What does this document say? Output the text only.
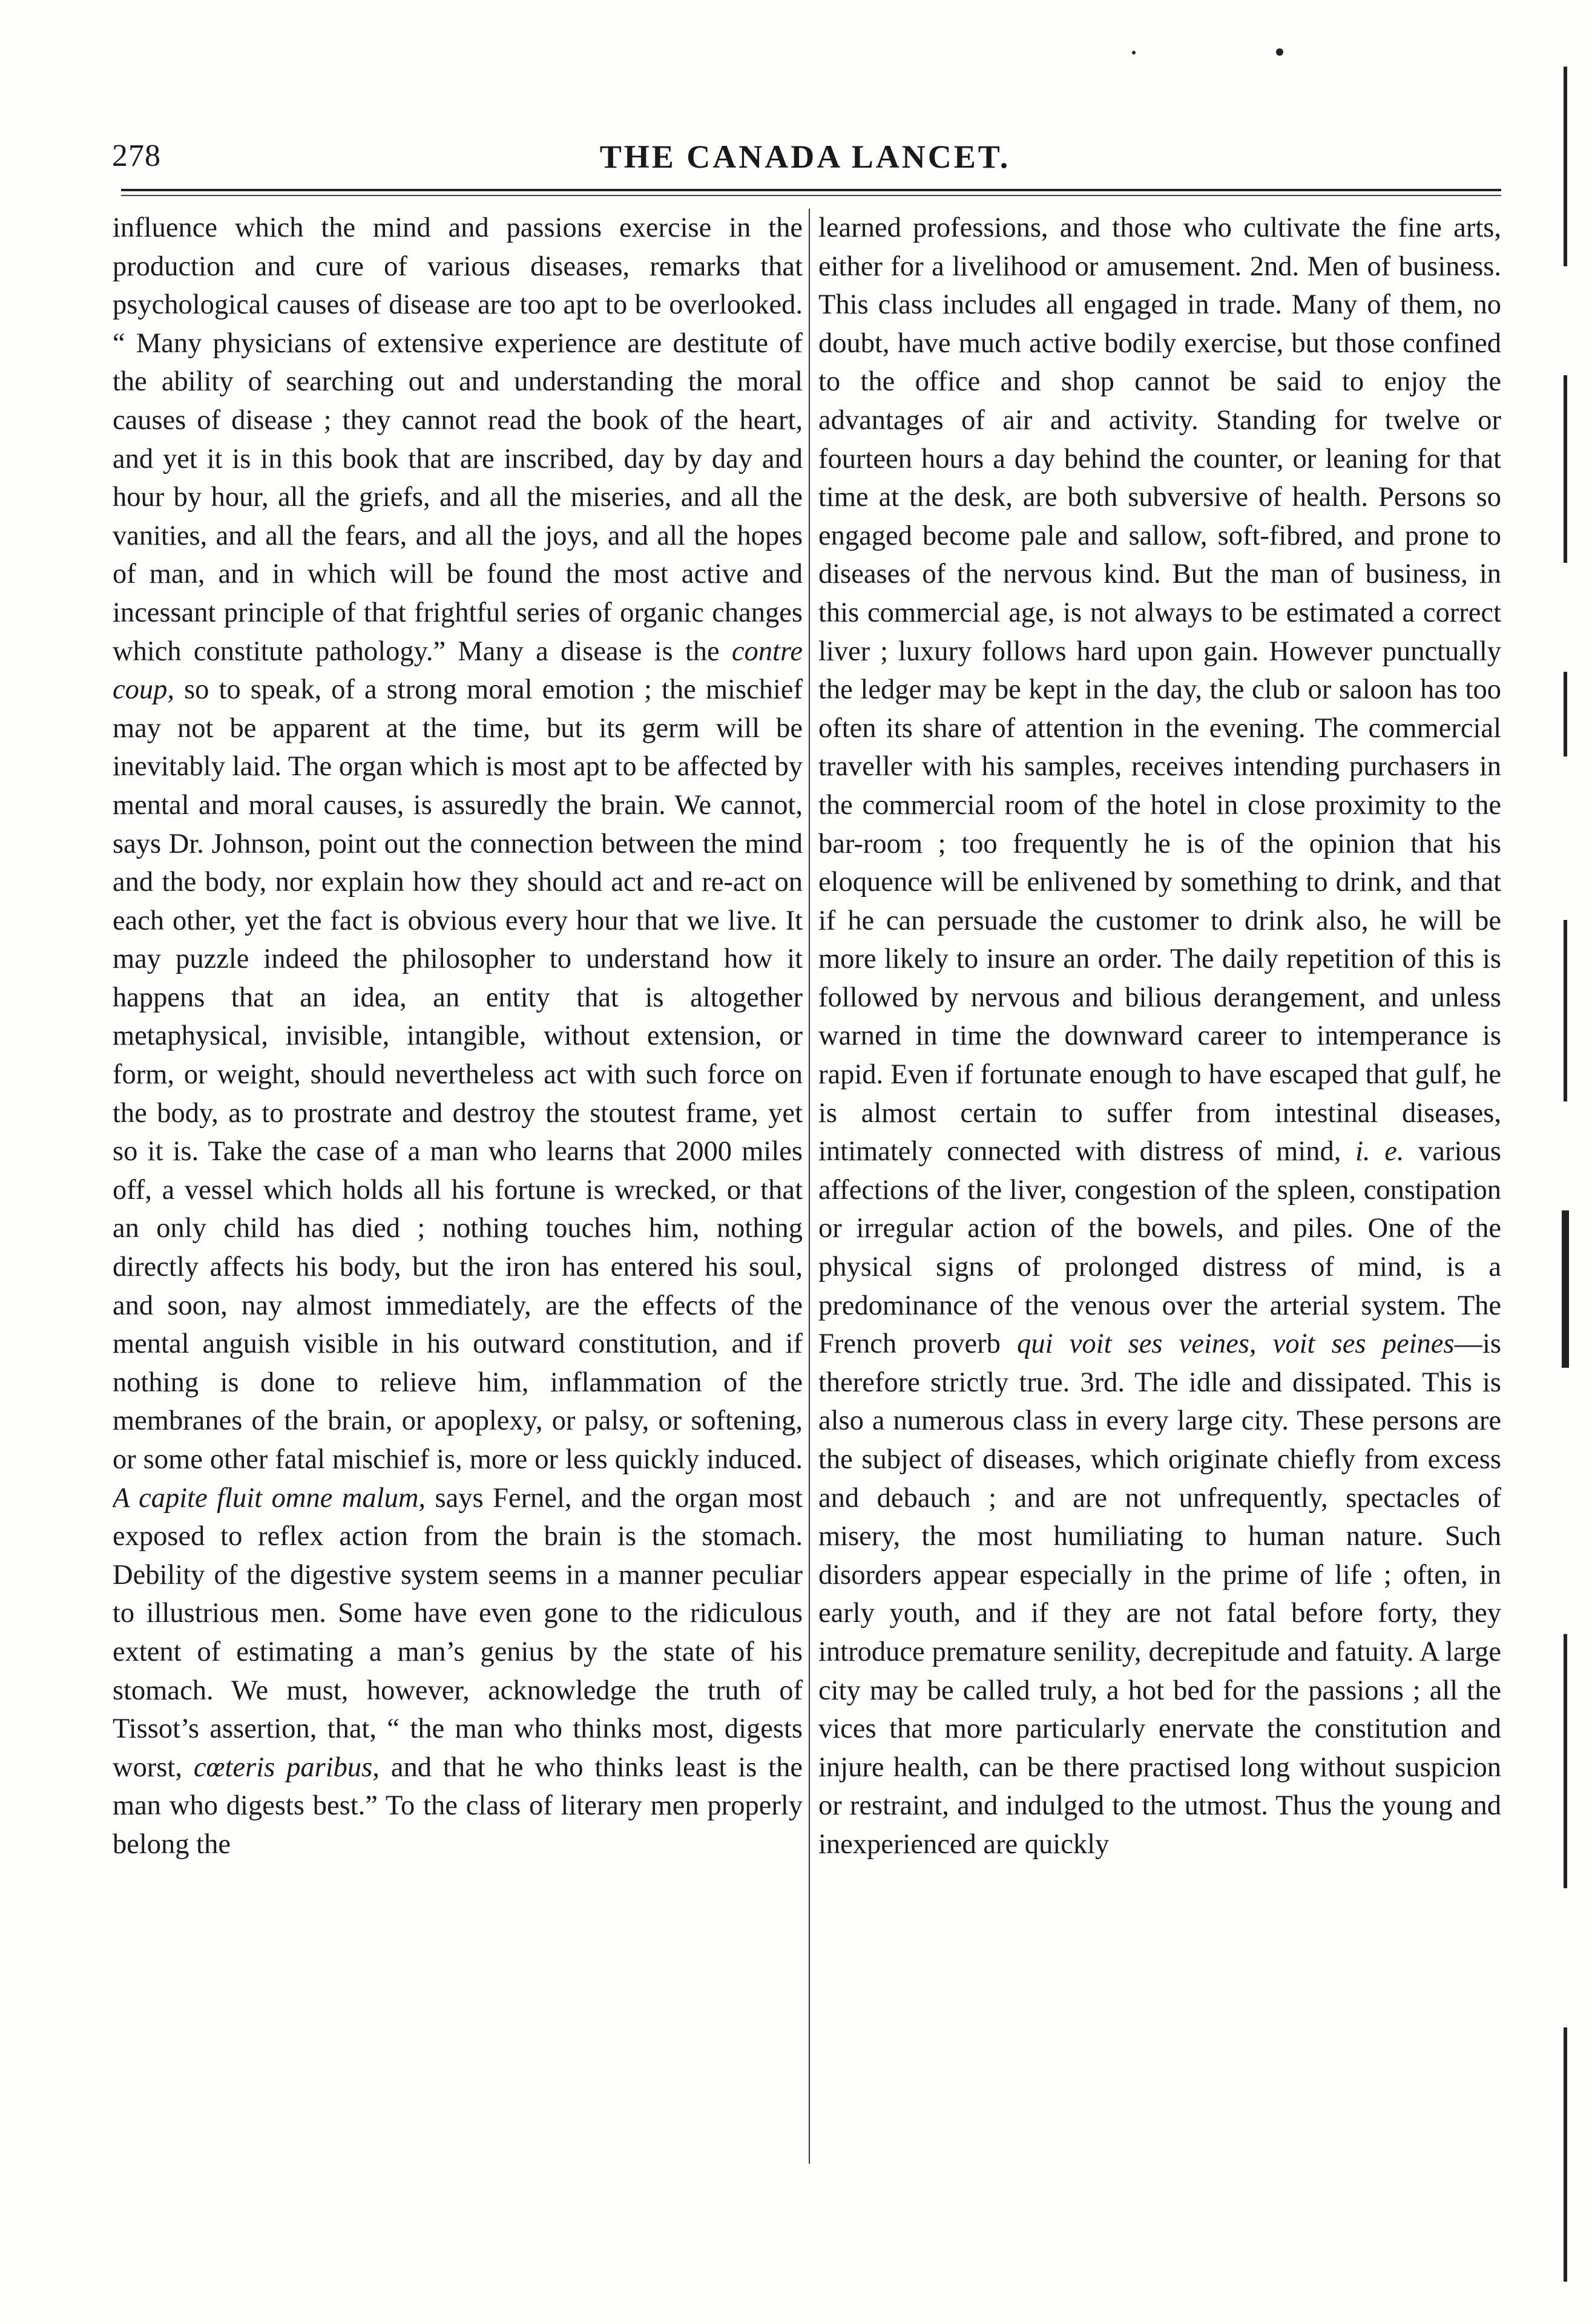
278	THE CANADA LANCET.

influence which the mind and passions exercise in the production and cure of various diseases, remarks that psychological causes of disease are too apt to be overlooked. “ Many physicians of extensive experience are destitute of the ability of searching out and understanding the moral causes of disease ; they cannot read the book of the heart, and yet it is in this book that are inscribed, day by day and hour by hour, all the griefs, and all the miseries, and all the vanities, and all the fears, and all the joys, and all the hopes of man, and in which will be found the most active and incessant principle of that frightful series of organic changes which constitute pathology.” Many a disease is the contre coup, so to speak, of a strong moral emotion ; the mischief may not be apparent at the time, but its germ will be inevitably laid. The organ which is most apt to be affected by mental and moral causes, is assuredly the brain. We cannot, says Dr. Johnson, point out the connection between the mind and the body, nor explain how they should act and re-act on each other, yet the fact is obvious every hour that we live. It may puzzle indeed the philosopher to understand how it happens that an idea, an entity that is altogether metaphysical, invisible, intangible, without extension, or form, or weight, should nevertheless act with such force on the body, as to prostrate and destroy the stoutest frame, yet so it is. Take the case of a man who learns that 2000 miles off, a vessel which holds all his fortune is wrecked, or that an only child has died ; nothing touches him, nothing directly affects his body, but the iron has entered his soul, and soon, nay almost immediately, are the effects of the mental anguish visible in his outward constitution, and if nothing is done to relieve him, inflammation of the membranes of the brain, or apoplexy, or palsy, or softening, or some other fatal mischief is, more or less quickly induced. A capite fluit omne malum, says Fernel, and the organ most exposed to reflex action from the brain is the stomach. Debility of the digestive system seems in a manner peculiar to illustrious men. Some have even gone to the ridiculous extent of estimating a man’s genius by the state of his stomach. We must, however, acknowledge the truth of Tissot’s assertion, that, “ the man who thinks most, digests worst, cœteris paribus, and that he who thinks least is the man who digests best.” To the class of literary men properly belong the

learned professions, and those who cultivate the fine arts, either for a livelihood or amusement. 2nd. Men of business. This class includes all engaged in trade. Many of them, no doubt, have much active bodily exercise, but those confined to the office and shop cannot be said to enjoy the advantages of air and activity. Standing for twelve or fourteen hours a day behind the counter, or leaning for that time at the desk, are both subversive of health. Persons so engaged become pale and sallow, soft-fibred, and prone to diseases of the nervous kind. But the man of business, in this commercial age, is not always to be estimated a correct liver ; luxury follows hard upon gain. However punctually the ledger may be kept in the day, the club or saloon has too often its share of attention in the evening. The commercial traveller with his samples, receives intending purchasers in the commercial room of the hotel in close proximity to the bar-room ; too frequently he is of the opinion that his eloquence will be enlivened by something to drink, and that if he can persuade the customer to drink also, he will be more likely to insure an order. The daily repetition of this is followed by nervous and bilious derangement, and unless warned in time the downward career to intemperance is rapid. Even if fortunate enough to have escaped that gulf, he is almost certain to suffer from intestinal diseases, intimately connected with distress of mind, i. e. various affections of the liver, congestion of the spleen, constipation or irregular action of the bowels, and piles. One of the physical signs of prolonged distress of mind, is a predominance of the venous over the arterial system. The French proverb qui voit ses veines, voit ses peines—is therefore strictly true. 3rd. The idle and dissipated. This is also a numerous class in every large city. These persons are the subject of diseases, which originate chiefly from excess and debauch ; and are not unfrequently, spectacles of misery, the most humiliating to human nature. Such disorders appear especially in the prime of life ; often, in early youth, and if they are not fatal before forty, they introduce premature senility, decrepitude and fatuity. A large city may be called truly, a hot bed for the passions ; all the vices that more particularly enervate the constitution and injure health, can be there practised long without suspicion or restraint, and indulged to the utmost. Thus the young and inexperienced are quickly
